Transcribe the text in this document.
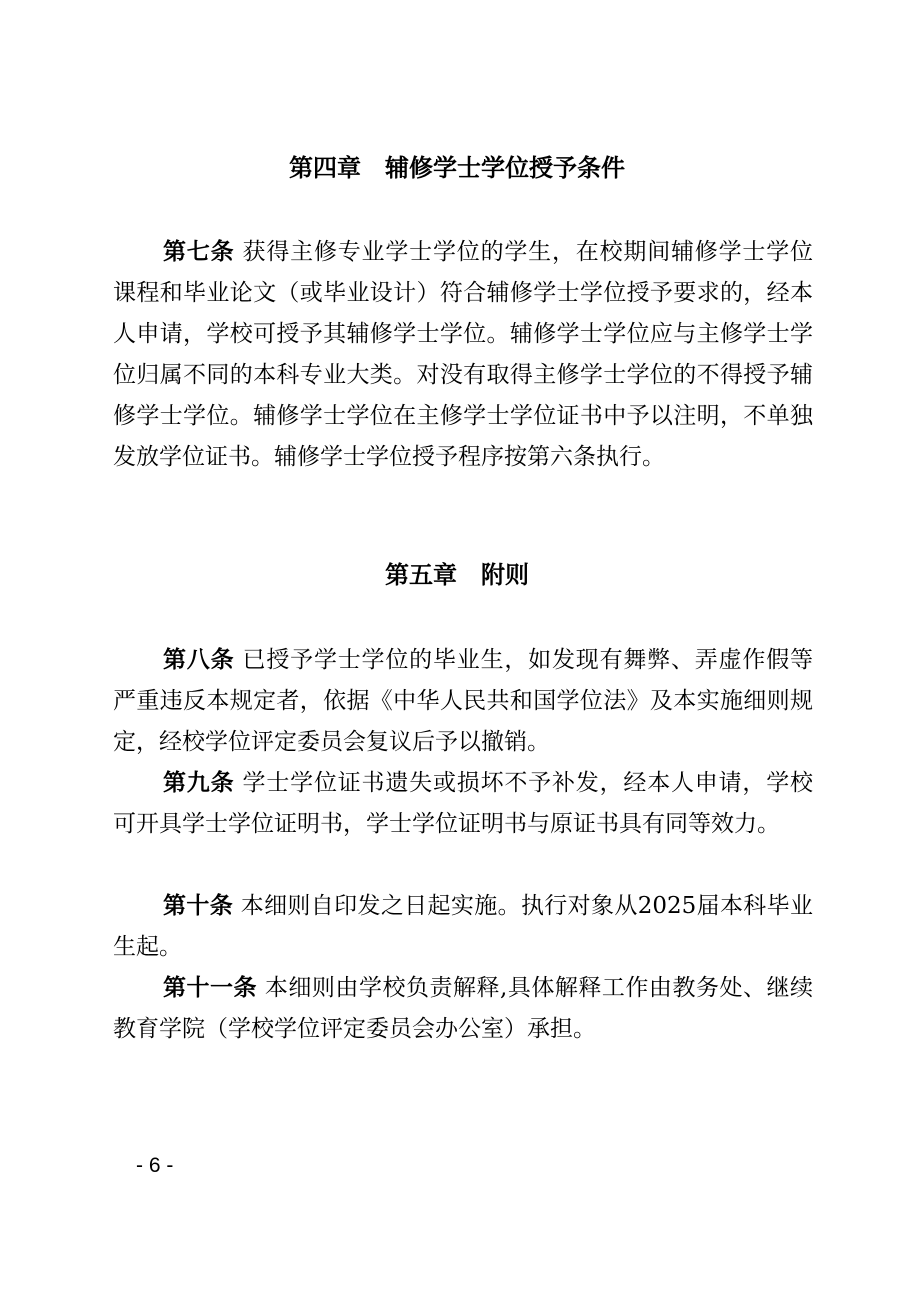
第四章　辅修学士学位授予条件

第七条 获得主修专业学士学位的学生，在校期间辅修学士学位课程和毕业论文（或毕业设计）符合辅修学士学位授予要求的，经本人申请，学校可授予其辅修学士学位。辅修学士学位应与主修学士学位归属不同的本科专业大类。对没有取得主修学士学位的不得授予辅修学士学位。辅修学士学位在主修学士学位证书中予以注明，不单独发放学位证书。辅修学士学位授予程序按第六条执行。

第五章　附则

第八条 已授予学士学位的毕业生，如发现有舞弊、弄虚作假等严重违反本规定者，依据《中华人民共和国学位法》及本实施细则规定，经校学位评定委员会复议后予以撤销。

第九条 学士学位证书遗失或损坏不予补发，经本人申请，学校可开具学士学位证明书，学士学位证明书与原证书具有同等效力。

第十条 本细则自印发之日起实施。执行对象从2025届本科毕业生起。

第十一条 本细则由学校负责解释,具体解释工作由教务处、继续教育学院（学校学位评定委员会办公室）承担。

- 6 -
